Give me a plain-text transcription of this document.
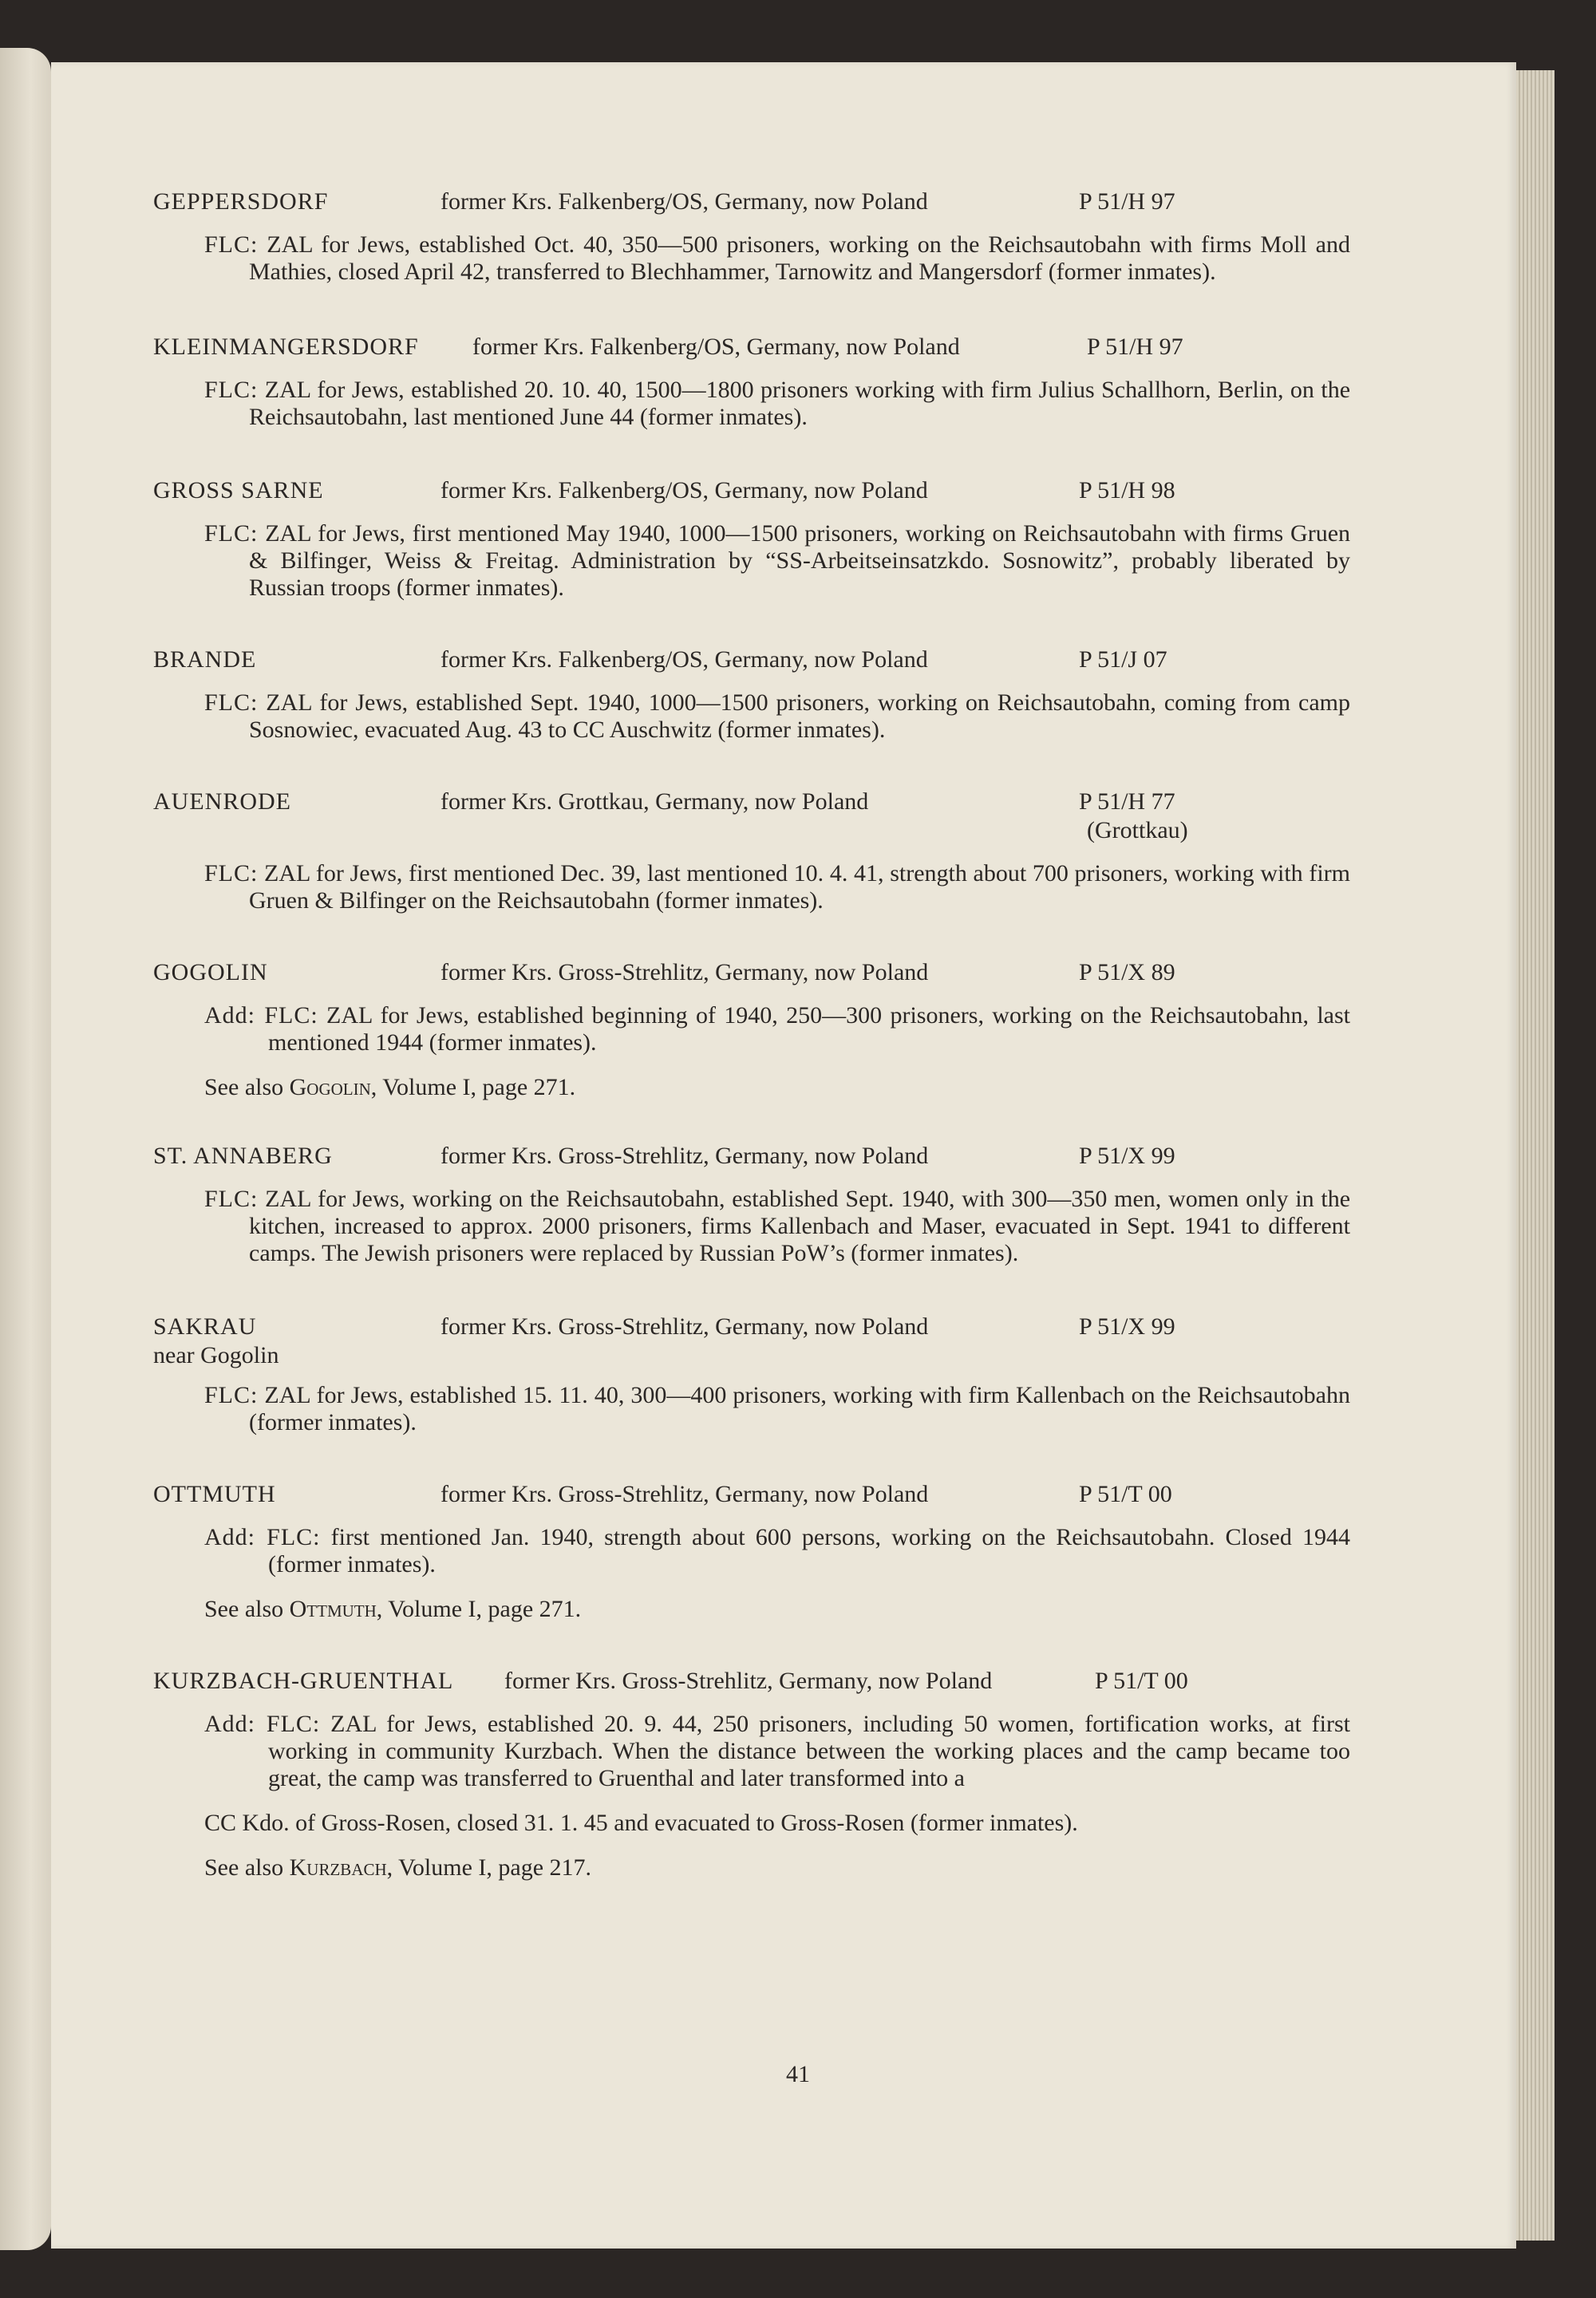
GEPPERSDORF	former Krs. Falkenberg/OS, Germany, now Poland	P 51/H 97

FLC: ZAL for Jews, established Oct. 40, 350—500 prisoners, working on the Reichsautobahn with firms Moll and Mathies, closed April 42, transferred to Blechhammer, Tarnowitz and Mangersdorf (former inmates).

KLEINMANGERSDORF former Krs. Falkenberg/OS, Germany, now Poland	P 51/H 97

FLC: ZAL for Jews, established 20. 10. 40, 1500—1800 prisoners working with firm Julius Schallhorn, Berlin, on the Reichsautobahn, last mentioned June 44 (former inmates).

GROSS SARNE	former Krs. Falkenberg/OS, Germany, now Poland	P 51/H 98

FLC: ZAL for Jews, first mentioned May 1940, 1000—1500 prisoners, working on Reichsautobahn with firms Gruen & Bilfinger, Weiss & Freitag. Administration by “SS-Arbeitseinsatzkdo. Sosnowitz”, probably liberated by Russian troops (former inmates).

BRANDE	former Krs. Falkenberg/OS, Germany, now Poland	P 51/J 07

FLC: ZAL for Jews, established Sept. 1940, 1000—1500 prisoners, working on Reichsautobahn, coming from camp Sosnowiec, evacuated Aug. 43 to CC Auschwitz (former inmates).

AUENRODE	former Krs. Grottkau, Germany, now Poland	P 51/H 77
(Grottkau)

FLC: ZAL for Jews, first mentioned Dec. 39, last mentioned 10. 4. 41, strength about 700 prisoners, working with firm Gruen & Bilfinger on the Reichsautobahn (former inmates).

GOGOLIN	former Krs. Gross-Strehlitz, Germany, now Poland	P 51/X 89

Add: FLC: ZAL for Jews, established beginning of 1940, 250—300 prisoners, working on the Reichsautobahn, last mentioned 1944 (former inmates).

See also Gogolin, Volume I, page 271.
ST. ANNABERG	former Krs. Gross-Strehlitz, Germany, now Poland	P 51/X 99

FLC: ZAL for Jews, working on the Reichsautobahn, established Sept. 1940, with 300—350 men, women only in the kitchen, increased to approx. 2000 prisoners, firms Kallenbach and Maser, evacuated in Sept. 1941 to different camps. The Jewish prisoners were replaced by Russian PoW’s (former inmates).

SAKRAU	former Krs. Gross-Strehlitz, Germany, now Poland	P 51/X 99
near Gogolin

FLC: ZAL for Jews, established 15. 11. 40, 300—400 prisoners, working with firm Kallenbach on the Reichsautobahn (former inmates).

OTTMUTH	former Krs. Gross-Strehlitz, Germany, now Poland	P 51/T 00

Add: FLC: first mentioned Jan. 1940, strength about 600 persons, working on the Reichsautobahn. Closed 1944 (former inmates).

See also Ottmuth, Volume I, page 271.
KURZBACH-GRUENTHAL former Krs. Gross-Strehlitz, Germany, now Poland	P 51/T 00

Add: FLC: ZAL for Jews, established 20. 9. 44, 250 prisoners, including 50 women, fortification works, at first working in community Kurzbach. When the distance between the working places and the camp became too great, the camp was transferred to Gruenthal and later transformed into a

CC Kdo. of Gross-Rosen, closed 31. 1. 45 and evacuated to Gross-Rosen (former inmates).

See also Kurzbach, Volume I, page 217.
41
